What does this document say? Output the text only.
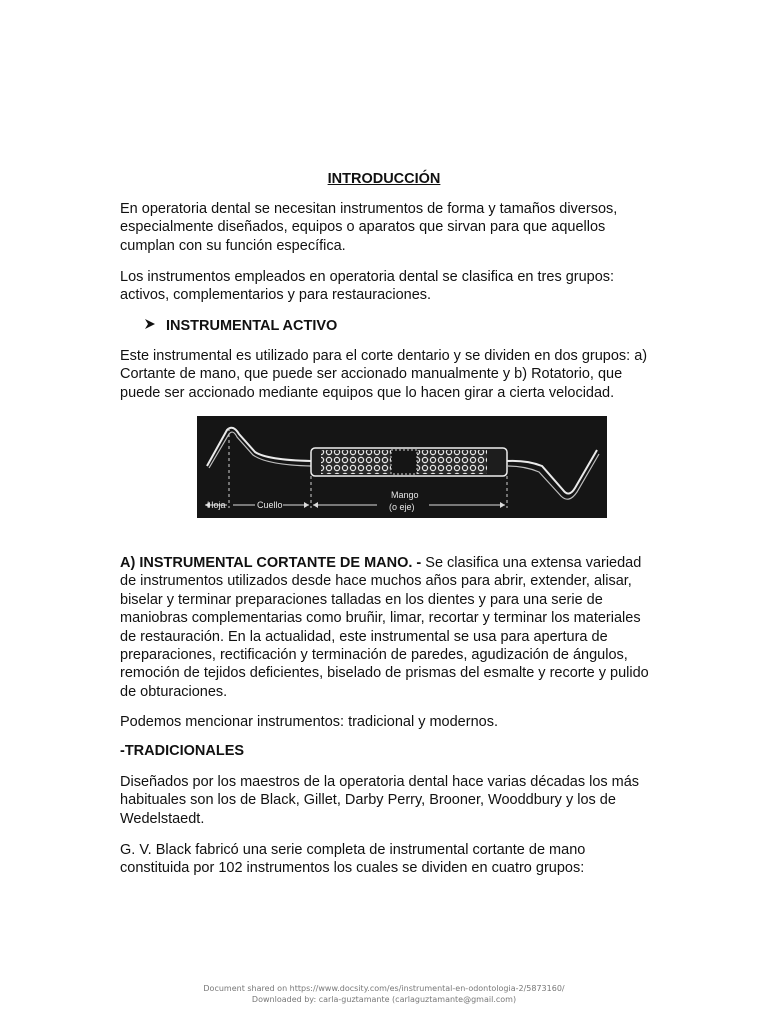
INTRODUCCIÓN
En operatoria dental se necesitan instrumentos de forma y tamaños diversos, especialmente diseñados, equipos o aparatos que sirvan para que aquellos cumplan con su función específica.
Los instrumentos empleados en operatoria dental se clasifica en tres grupos: activos, complementarios y para restauraciones.
INSTRUMENTAL ACTIVO
Este instrumental es utilizado para el corte dentario y se dividen en dos grupos: a) Cortante de mano, que puede ser accionado manualmente y b) Rotatorio, que puede ser accionado mediante equipos que lo hacen girar a cierta velocidad.
Hoja	Cuello
Mango
(o eje)
A) INSTRUMENTAL CORTANTE DE MANO. - Se clasifica una extensa variedad de instrumentos utilizados desde hace muchos años para abrir, extender, alisar, biselar y terminar preparaciones talladas en los dientes y para una serie de maniobras complementarias como bruñir, limar, recortar y terminar los materiales de restauración. En la actualidad, este instrumental se usa para apertura de preparaciones, rectificación y terminación de paredes, agudización de ángulos, remoción de tejidos deficientes, biselado de prismas del esmalte y recorte y pulido de obturaciones.
Podemos mencionar instrumentos: tradicional y modernos.
-TRADICIONALES
Diseñados por los maestros de la operatoria dental hace varias décadas los más habituales son los de Black, Gillet, Darby Perry, Brooner, Wooddbury y los de Wedelstaedt.
G. V. Black fabricó una serie completa de instrumental cortante de mano constituida por 102 instrumentos los cuales se dividen en cuatro grupos:
Document shared on https://www.docsity.com/es/instrumental-en-odontologia-2/5873160/
Downloaded by: carla-guztamante (carlaguztamante@gmail.com)
